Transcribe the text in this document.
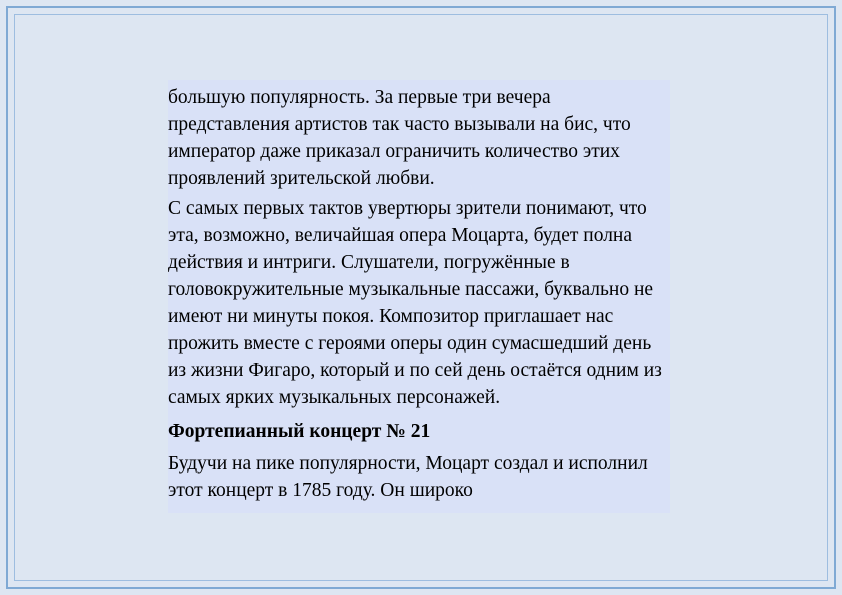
большую популярность. За первые три вечера представления артистов так часто вызывали на бис, что император даже приказал ограничить количество этих проявлений зрительской любви.

С самых первых тактов увертюры зрители понимают, что эта, возможно, величайшая опера Моцарта, будет полна действия и интриги. Слушатели, погружённые в головокружительные музыкальные пассажи, буквально не имеют ни минуты покоя. Композитор приглашает нас прожить вместе с героями оперы один сумасшедший день из жизни Фигаро, который и по сей день остаётся одним из самых ярких музыкальных персонажей.

Фортепианный концерт № 21

Будучи на пике популярности, Моцарт создал и исполнил этот концерт в 1785 году. Он широко
